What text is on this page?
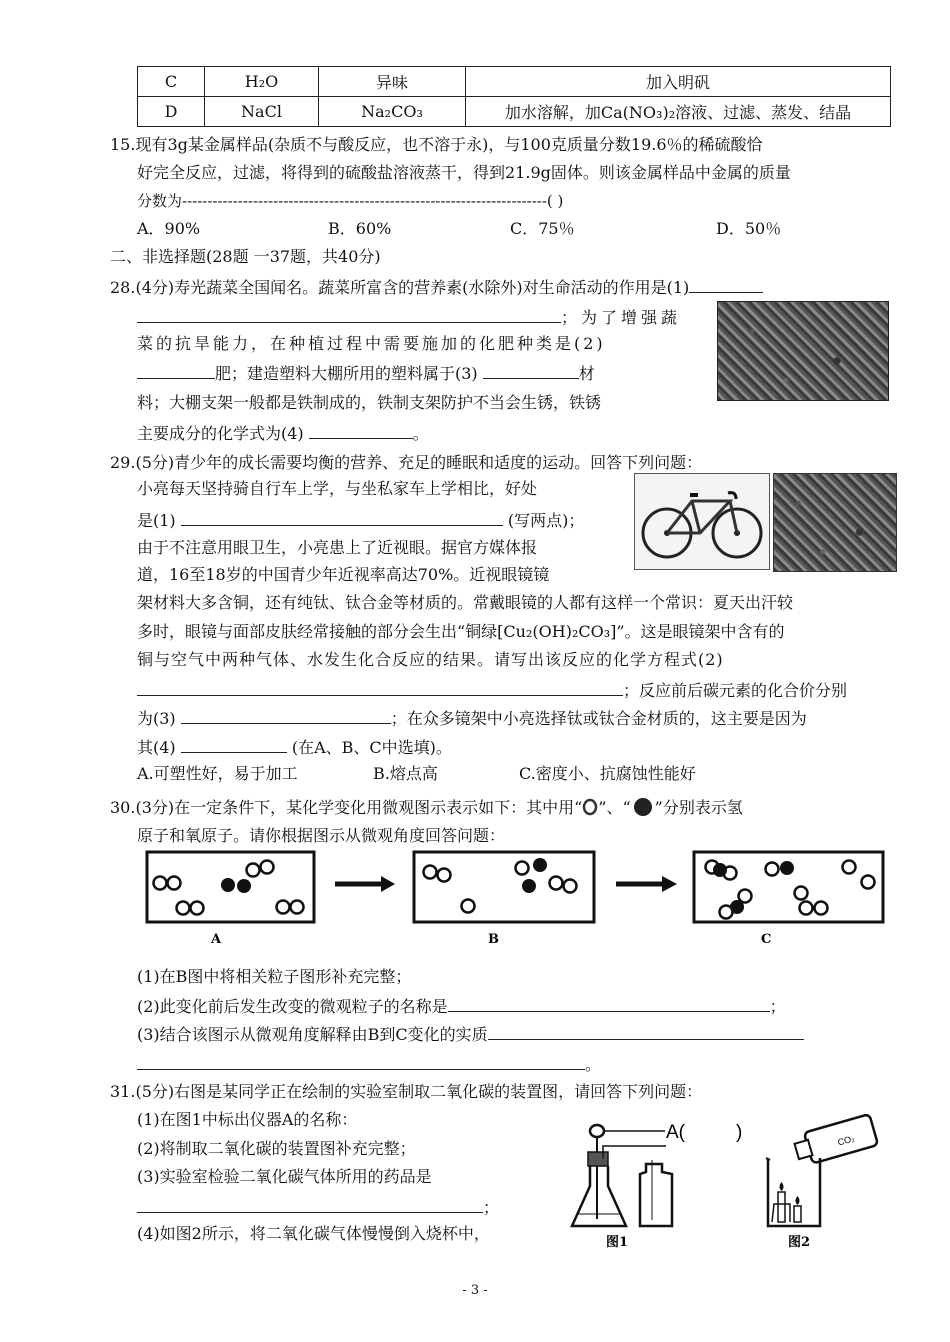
C	H₂O	异味	加入明矾
D	NaCl	Na₂CO₃	加水溶解，加Ca(NO₃)₂溶液、过滤、蒸发、结晶
15.现有3g某金属样品(杂质不与酸反应，也不溶于永)，与100克质量分数19.6％的稀硫酸恰
好完全反应，过滤，将得到的硫酸盐溶液蒸干，得到21.9g固体。则该金属样品中金属的质量
分数为------------------------------------------------------------------------( )
A．90%	B．60%	C．75％	D．50％
二、非选择题(28题 一37题，共40分)
28.(4分)寿光蔬菜全国闻名。蔬菜所富含的营养素(水除外)对生命活动的作用是(1)
；为了增强蔬
菜的抗旱能力，在种植过程中需要施加的化肥种类是(2)
肥；建造塑料大棚所用的塑料属于(3)	材
料；大棚支架一般都是铁制成的，铁制支架防护不当会生锈，铁锈
主要成分的化学式为(4)	。
29.(5分)青少年的成长需要均衡的营养、充足的睡眠和适度的运动。回答下列问题：
小亮每天坚持骑自行车上学，与坐私家车上学相比，好处
是(1)	(写两点)；
由于不注意用眼卫生，小亮患上了近视眼。据官方媒体报
道，16至18岁的中国青少年近视率高达70%。近视眼镜镜
架材料大多含铜，还有纯钛、钛合金等材质的。常戴眼镜的人都有这样一个常识：夏天出汗较
多时，眼镜与面部皮肤经常接触的部分会生出“铜绿[Cu₂(OH)₂CO₃]”。这是眼镜架中含有的
铜与空气中两种气体、水发生化合反应的结果。请写出该反应的化学方程式(2)
；反应前后碳元素的化合价分别
为(3)	；在众多镜架中小亮选择钛或钛合金材质的，这主要是因为
其(4)	(在A、B、C中选填)。
A.可塑性好，易于加工	B.熔点高	C.密度小、抗腐蚀性能好
30.(3分)在一定条件下，某化学变化用微观图示表示如下：其中用“ ”、“ ”分别表示氢
原子和氧原子。请你根据图示从微观角度回答问题：
A	B	C
(1)在B图中将相关粒子图形补充完整；
(2)此变化前后发生改变的微观粒子的名称是	；
(3)结合该图示从微观角度解释由B到C变化的实质
。
31.(5分)右图是某同学正在绘制的实验室制取二氧化碳的装置图，请回答下列问题：
(1)在图1中标出仪器A的名称：
(2)将制取二氧化碳的装置图补充完整；
(3)实验室检验二氧化碳气体所用的药品是
；
(4)如图2所示，将二氧化碳气体慢慢倒入烧杯中，
A(	)
图1
CO₂
图2
- 3 -
